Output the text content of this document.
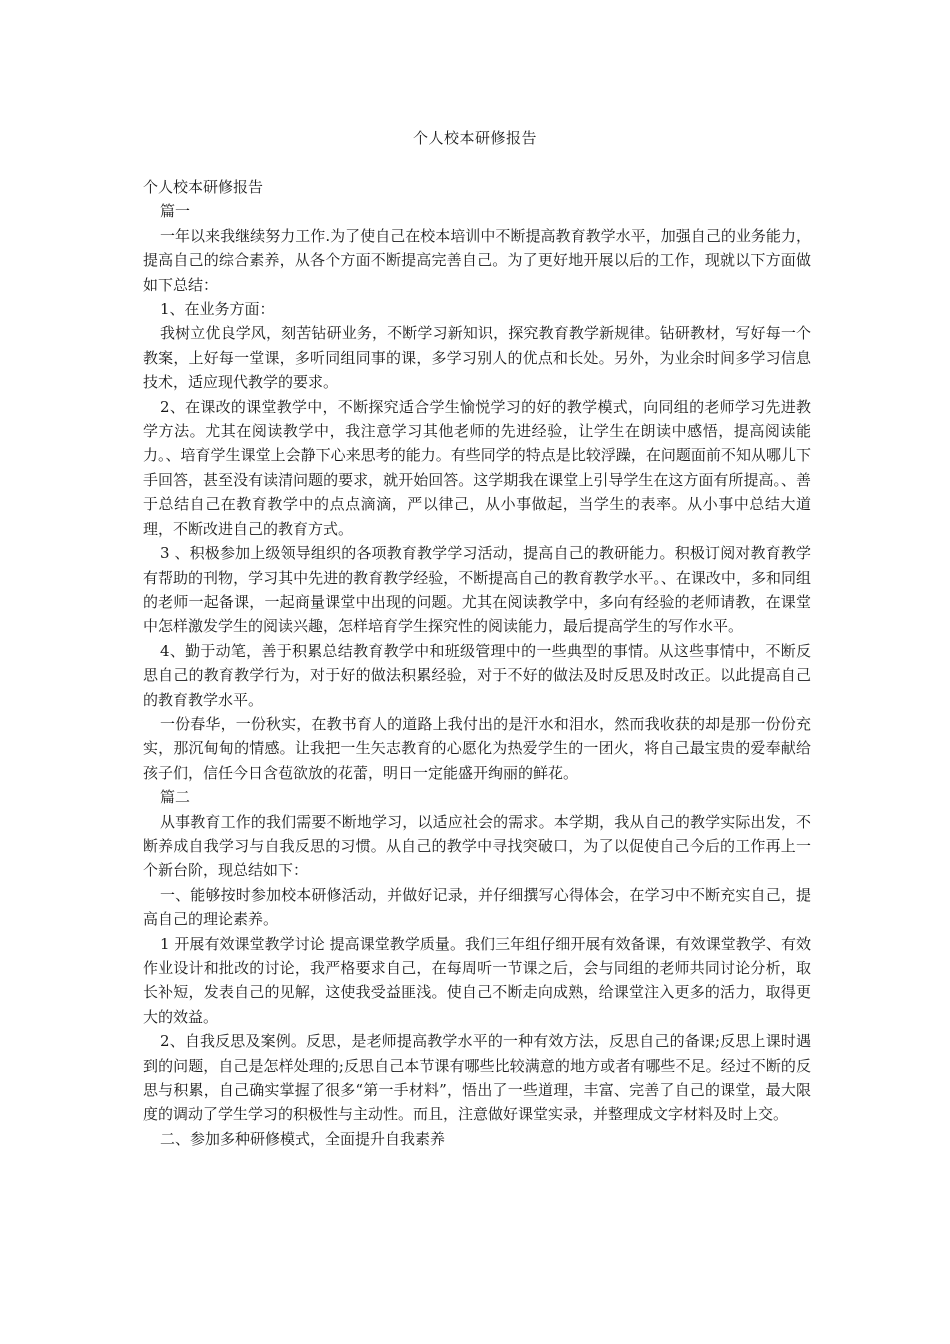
个人校本研修报告

个人校本研修报告

篇一

一年以来我继续努力工作.为了使自己在校本培训中不断提高教育教学水平，加强自己的业务能力，提高自己的综合素养，从各个方面不断提高完善自己。为了更好地开展以后的工作，现就以下方面做如下总结：

1、在业务方面：

我树立优良学风，刻苦钻研业务，不断学习新知识，探究教育教学新规律。钻研教材，写好每一个教案，上好每一堂课，多听同组同事的课，多学习别人的优点和长处。另外，为业余时间多学习信息技术，适应现代教学的要求。

2、在课改的课堂教学中，不断探究适合学生愉悦学习的好的教学模式，向同组的老师学习先进教学方法。尤其在阅读教学中，我注意学习其他老师的先进经验，让学生在朗读中感悟，提高阅读能力。、培育学生课堂上会静下心来思考的能力。有些同学的特点是比较浮躁，在问题面前不知从哪儿下手回答，甚至没有读清问题的要求，就开始回答。这学期我在课堂上引导学生在这方面有所提高。、善于总结自己在教育教学中的点点滴滴，严以律己，从小事做起，当学生的表率。从小事中总结大道理，不断改进自己的教育方式。

3 、积极参加上级领导组织的各项教育教学学习活动，提高自己的教研能力。积极订阅对教育教学有帮助的刊物，学习其中先进的教育教学经验，不断提高自己的教育教学水平。、在课改中，多和同组的老师一起备课，一起商量课堂中出现的问题。尤其在阅读教学中，多向有经验的老师请教，在课堂中怎样激发学生的阅读兴趣，怎样培育学生探究性的阅读能力，最后提高学生的写作水平。

4、勤于动笔，善于积累总结教育教学中和班级管理中的一些典型的事情。从这些事情中，不断反思自己的教育教学行为，对于好的做法积累经验，对于不好的做法及时反思及时改正。以此提高自己的教育教学水平。

一份春华，一份秋实，在教书育人的道路上我付出的是汗水和泪水，然而我收获的却是那一份份充实，那沉甸甸的情感。让我把一生矢志教育的心愿化为热爱学生的一团火，将自己最宝贵的爱奉献给孩子们，信任今日含苞欲放的花蕾，明日一定能盛开绚丽的鲜花。

篇二

从事教育工作的我们需要不断地学习，以适应社会的需求。本学期，我从自己的教学实际出发，不断养成自我学习与自我反思的习惯。从自己的教学中寻找突破口，为了以促使自己今后的工作再上一个新台阶，现总结如下：

一、能够按时参加校本研修活动，并做好记录，并仔细撰写心得体会，在学习中不断充实自己，提高自己的理论素养。

1 开展有效课堂教学讨论 提高课堂教学质量。我们三年组仔细开展有效备课，有效课堂教学、有效作业设计和批改的讨论，我严格要求自己，在每周听一节课之后，会与同组的老师共同讨论分析，取长补短，发表自己的见解，这使我受益匪浅。使自己不断走向成熟，给课堂注入更多的活力，取得更大的效益。

2、自我反思及案例。反思，是老师提高教学水平的一种有效方法，反思自己的备课;反思上课时遇到的问题，自己是怎样处理的;反思自己本节课有哪些比较满意的地方或者有哪些不足。经过不断的反思与积累，自己确实掌握了很多“第一手材料”，悟出了一些道理，丰富、完善了自己的课堂，最大限度的调动了学生学习的积极性与主动性。而且，注意做好课堂实录，并整理成文字材料及时上交。

二、参加多种研修模式，全面提升自我素养
